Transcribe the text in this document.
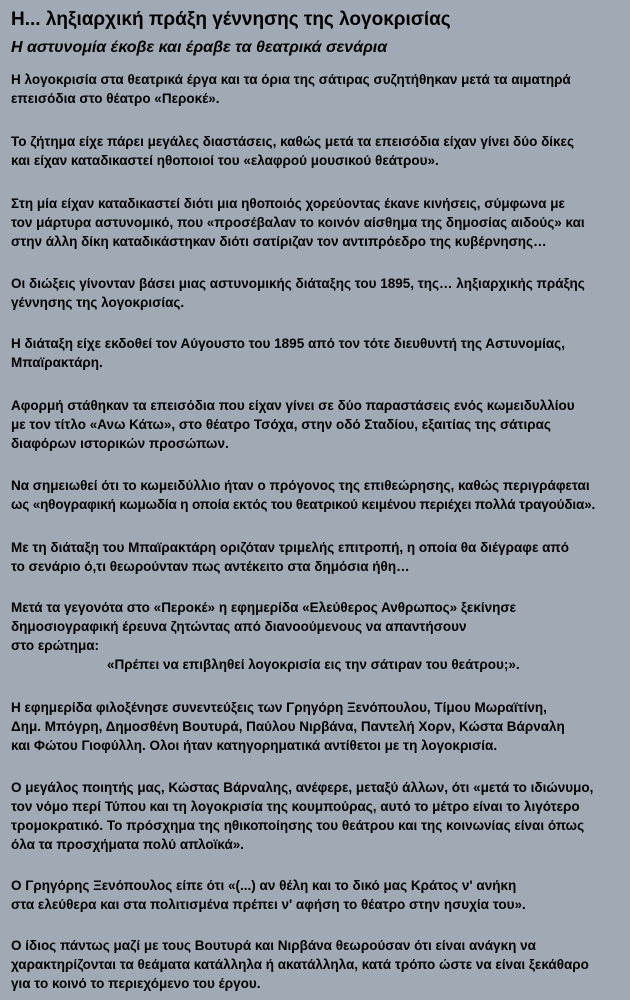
Η... ληξιαρχική πράξη γέννησης της λογοκρισίας
Η αστυνομία έκοβε και έραβε τα θεατρικά σενάρια

Η λογοκρισία στα θεατρικά έργα και τα όρια της σάτιρας συζητήθηκαν μετά τα αιματηρά
επεισόδια στο θέατρο «Περοκέ».

Το ζήτημα είχε πάρει μεγάλες διαστάσεις, καθώς μετά τα επεισόδια είχαν γίνει δύο δίκες
και είχαν καταδικαστεί ηθοποιοί του «ελαφρού μουσικού θεάτρου».

Στη μία είχαν καταδικαστεί διότι μια ηθοποιός χορεύοντας έκανε κινήσεις, σύμφωνα με
τον μάρτυρα αστυνομικό, που «προσέβαλαν το κοινόν αίσθημα της δημοσίας αιδούς» και
στην άλλη δίκη καταδικάστηκαν διότι σατίριζαν τον αντιπρόεδρο της κυβέρνησης…

Οι διώξεις γίνονταν βάσει μιας αστυνομικής διάταξης του 1895, της… ληξιαρχικής πράξης
γέννησης της λογοκρισίας.

Η διάταξη είχε εκδοθεί τον Αύγουστο του 1895 από τον τότε διευθυντή της Αστυνομίας,
Μπαϊρακτάρη.

Αφορμή στάθηκαν τα επεισόδια που είχαν γίνει σε δύο παραστάσεις ενός κωμειδυλλίου
με τον τίτλο «Ανω Κάτω», στο θέατρο Τσόχα, στην οδό Σταδίου, εξαιτίας της σάτιρας
διαφόρων ιστορικών προσώπων.

Να σημειωθεί ότι το κωμειδύλλιο ήταν ο πρόγονος της επιθεώρησης, καθώς περιγράφεται
ως «ηθογραφική κωμωδία η οποία εκτός του θεατρικού κειμένου περιέχει πολλά τραγούδια».

Με τη διάταξη του Μπαϊρακτάρη οριζόταν τριμελής επιτροπή, η οποία θα διέγραφε από
το σενάριο ό,τι θεωρούνταν πως αντέκειτο στα δημόσια ήθη…

Μετά τα γεγονότα στο «Περοκέ» η εφημερίδα «Ελεύθερος Ανθρωπος» ξεκίνησε
δημοσιογραφική έρευνα ζητώντας από διανοούμενους να απαντήσουν
στο ερώτημα:
«Πρέπει να επιβληθεί λογοκρισία εις την σάτιραν του θεάτρου;».

Η εφημερίδα φιλοξένησε συνεντεύξεις των Γρηγόρη Ξενόπουλου, Τίμου Μωραϊτίνη,
Δημ. Μπόγρη, Δημοσθένη Βουτυρά, Παύλου Νιρβάνα, Παντελή Χορν, Κώστα Βάρναλη
και Φώτου Γιοφύλλη. Ολοι ήταν κατηγορηματικά αντίθετοι με τη λογοκρισία.

Ο μεγάλος ποιητής μας, Κώστας Βάρναλης, ανέφερε, μεταξύ άλλων, ότι «μετά το ιδιώνυμο,
τον νόμο περί Τύπου και τη λογοκρισία της κουμπούρας, αυτό το μέτρο είναι το λιγότερο
τρομοκρατικό. Το πρόσχημα της ηθικοποίησης του θεάτρου και της κοινωνίας είναι όπως
όλα τα προσχήματα πολύ απλοϊκά».

Ο Γρηγόρης Ξενόπουλος είπε ότι «(...) αν θέλη και το δικό μας Κράτος ν' ανήκη
στα ελεύθερα και στα πολιτισμένα πρέπει ν' αφήση το θέατρο στην ησυχία του».

Ο ίδιος πάντως μαζί με τους Βουτυρά και Νιρβάνα θεωρούσαν ότι είναι ανάγκη να
χαρακτηρίζονται τα θεάματα κατάλληλα ή ακατάλληλα, κατά τρόπο ώστε να είναι ξεκάθαρο
για το κοινό το περιεχόμενο του έργου.
